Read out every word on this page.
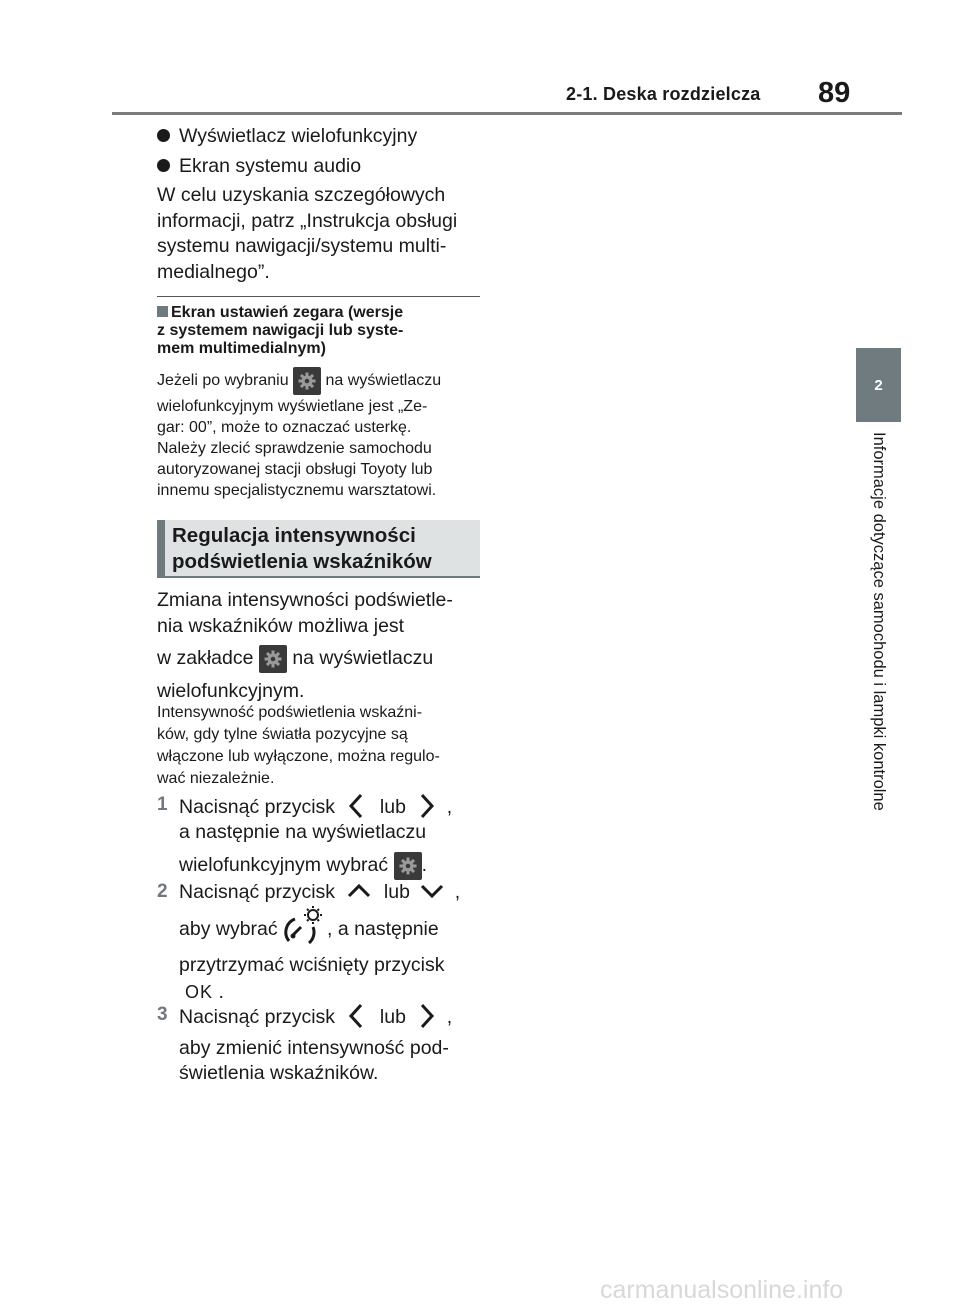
2-1. Deska rozdzielcza 89
2
Informacje dotyczące samochodu i lampki kontrolne
Wyświetlacz wielofunkcyjny
Ekran systemu audio
W celu uzyskania szczegółowych
informacji, patrz „Instrukcja obsługi
systemu nawigacji/systemu multi-
medialnego”.
Ekran ustawień zegara (wersje
z systemem nawigacji lub syste-
mem multimedialnym)
Jeżeli po wybraniu na wyświetlaczu
wielofunkcyjnym wyświetlane jest „Ze-
gar: 00”, może to oznaczać usterkę.
Należy zlecić sprawdzenie samochodu
autoryzowanej stacji obsługi Toyoty lub
innemu specjalistycznemu warsztatowi.
Regulacja intensywności
podświetlenia wskaźników
Zmiana intensywności podświetle-
nia wskaźników możliwa jest
w zakładce na wyświetlaczu
wielofunkcyjnym.
Intensywność podświetlenia wskaźni-
ków, gdy tylne światła pozycyjne są
włączone lub wyłączone, można regulo-
wać niezależnie.
1 Nacisnąć przycisk lub ,
a następnie na wyświetlaczu
wielofunkcyjnym wybrać .
2 Nacisnąć przycisk	lub ,
aby wybrać	, a następnie
przytrzymać wciśnięty przycisk
OK .
3 Nacisnąć przycisk lub ,
aby zmienić intensywność pod-
świetlenia wskaźników.
carmanualsonline.info
